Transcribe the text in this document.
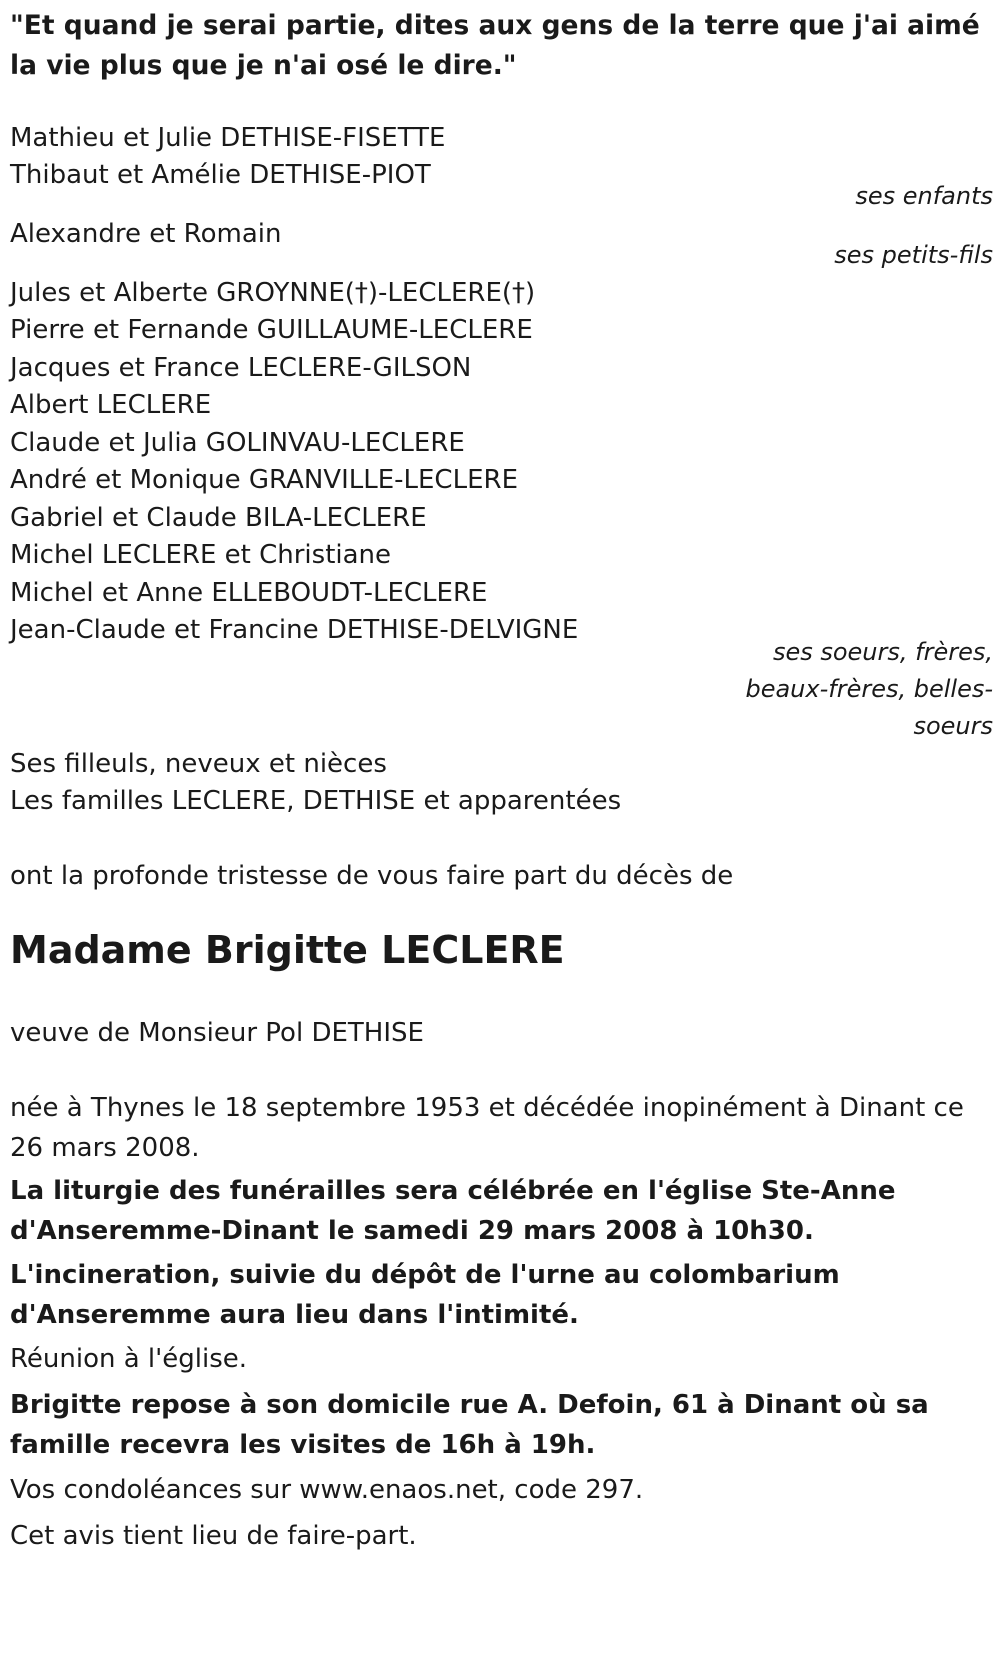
"Et quand je serai partie, dites aux gens de la terre que j'ai aimé la vie plus que je n'ai osé le dire."
Mathieu et Julie DETHISE-FISETTE
Thibaut et Amélie DETHISE-PIOT
ses enfants
Alexandre et Romain
ses petits-fils
Jules et Alberte GROYNNE(†)-LECLERE(†)
Pierre et Fernande GUILLAUME-LECLERE
Jacques et France LECLERE-GILSON
Albert LECLERE
Claude et Julia GOLINVAU-LECLERE
André et Monique GRANVILLE-LECLERE
Gabriel et Claude BILA-LECLERE
Michel LECLERE et Christiane
Michel et Anne ELLEBOUDT-LECLERE
Jean-Claude et Francine DETHISE-DELVIGNE
ses soeurs, frères,
beaux-frères, belles-
soeurs
Ses filleuls, neveux et nièces
Les familles LECLERE, DETHISE et apparentées
ont la profonde tristesse de vous faire part du décès de
Madame Brigitte LECLERE
veuve de Monsieur Pol DETHISE
née à Thynes le 18 septembre 1953 et décédée inopinément à Dinant ce 26 mars 2008.
La liturgie des funérailles sera célébrée en l'église Ste-Anne d'Anseremme-Dinant le samedi 29 mars 2008 à 10h30.
L'incineration, suivie du dépôt de l'urne au colombarium d'Anseremme aura lieu dans l'intimité.
Réunion à l'église.
Brigitte repose à son domicile rue A. Defoin, 61 à Dinant où sa famille recevra les visites de 16h à 19h.
Vos condoléances sur www.enaos.net, code 297.
Cet avis tient lieu de faire-part.
